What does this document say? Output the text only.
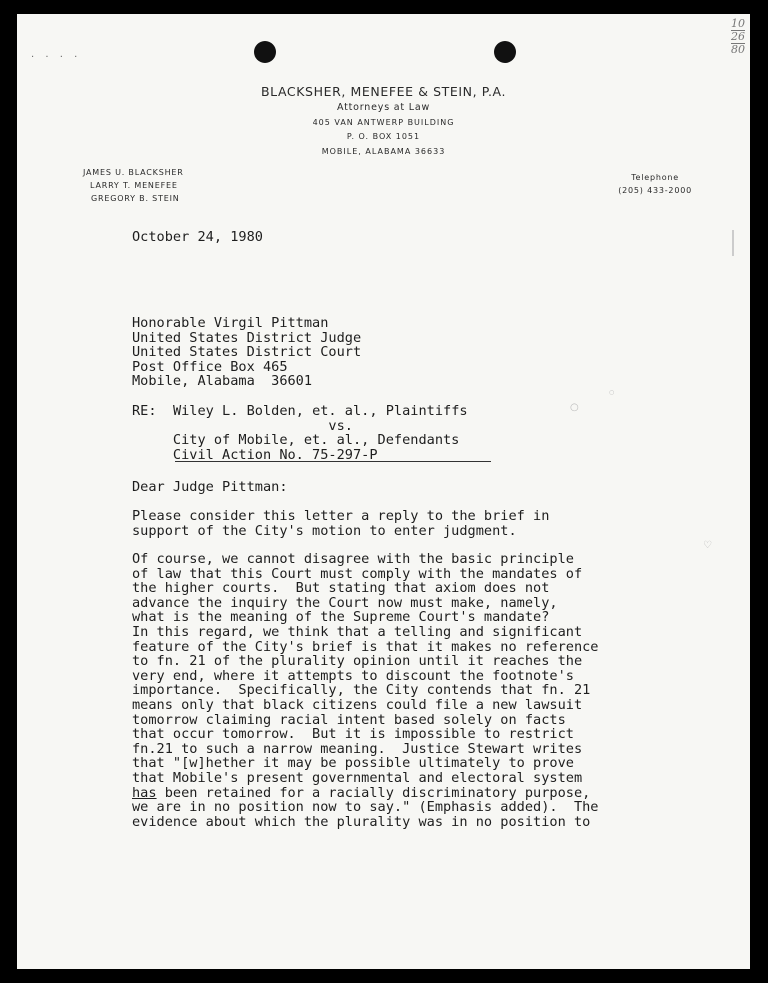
· · · ·
10
26
80
BLACKSHER, MENEFEE & STEIN, P.A.
Attorneys at Law
405 VAN ANTWERP BUILDING
P. O. BOX 1051
MOBILE, ALABAMA 36633
JAMES U. BLACKSHER
LARRY T. MENEFEE
GREGORY B. STEIN
Telephone
(205) 433-2000
October 24, 1980
Honorable Virgil Pittman
United States District Judge
United States District Court
Post Office Box 465
Mobile, Alabama  36601
RE: Wiley L. Bolden, et. al., Plaintiffs
vs.
City of Mobile, et. al., Defendants
Civil Action No. 75-297-P
Dear Judge Pittman:
Please consider this letter a reply to the brief in
support of the City's motion to enter judgment.
Of course, we cannot disagree with the basic principle
of law that this Court must comply with the mandates of
the higher courts.  But stating that axiom does not
advance the inquiry the Court now must make, namely,
what is the meaning of the Supreme Court's mandate?
In this regard, we think that a telling and significant
feature of the City's brief is that it makes no reference
to fn. 21 of the plurality opinion until it reaches the
very end, where it attempts to discount the footnote's
importance.  Specifically, the City contends that fn. 21
means only that black citizens could file a new lawsuit
tomorrow claiming racial intent based solely on facts
that occur tomorrow.  But it is impossible to restrict
fn.21 to such a narrow meaning.  Justice Stewart writes
that "[w]hether it may be possible ultimately to prove
that Mobile's present governmental and electoral system
has been retained for a racially discriminatory purpose,
we are in no position now to say." (Emphasis added).  The
evidence about which the plurality was in no position to
○
○
♡
